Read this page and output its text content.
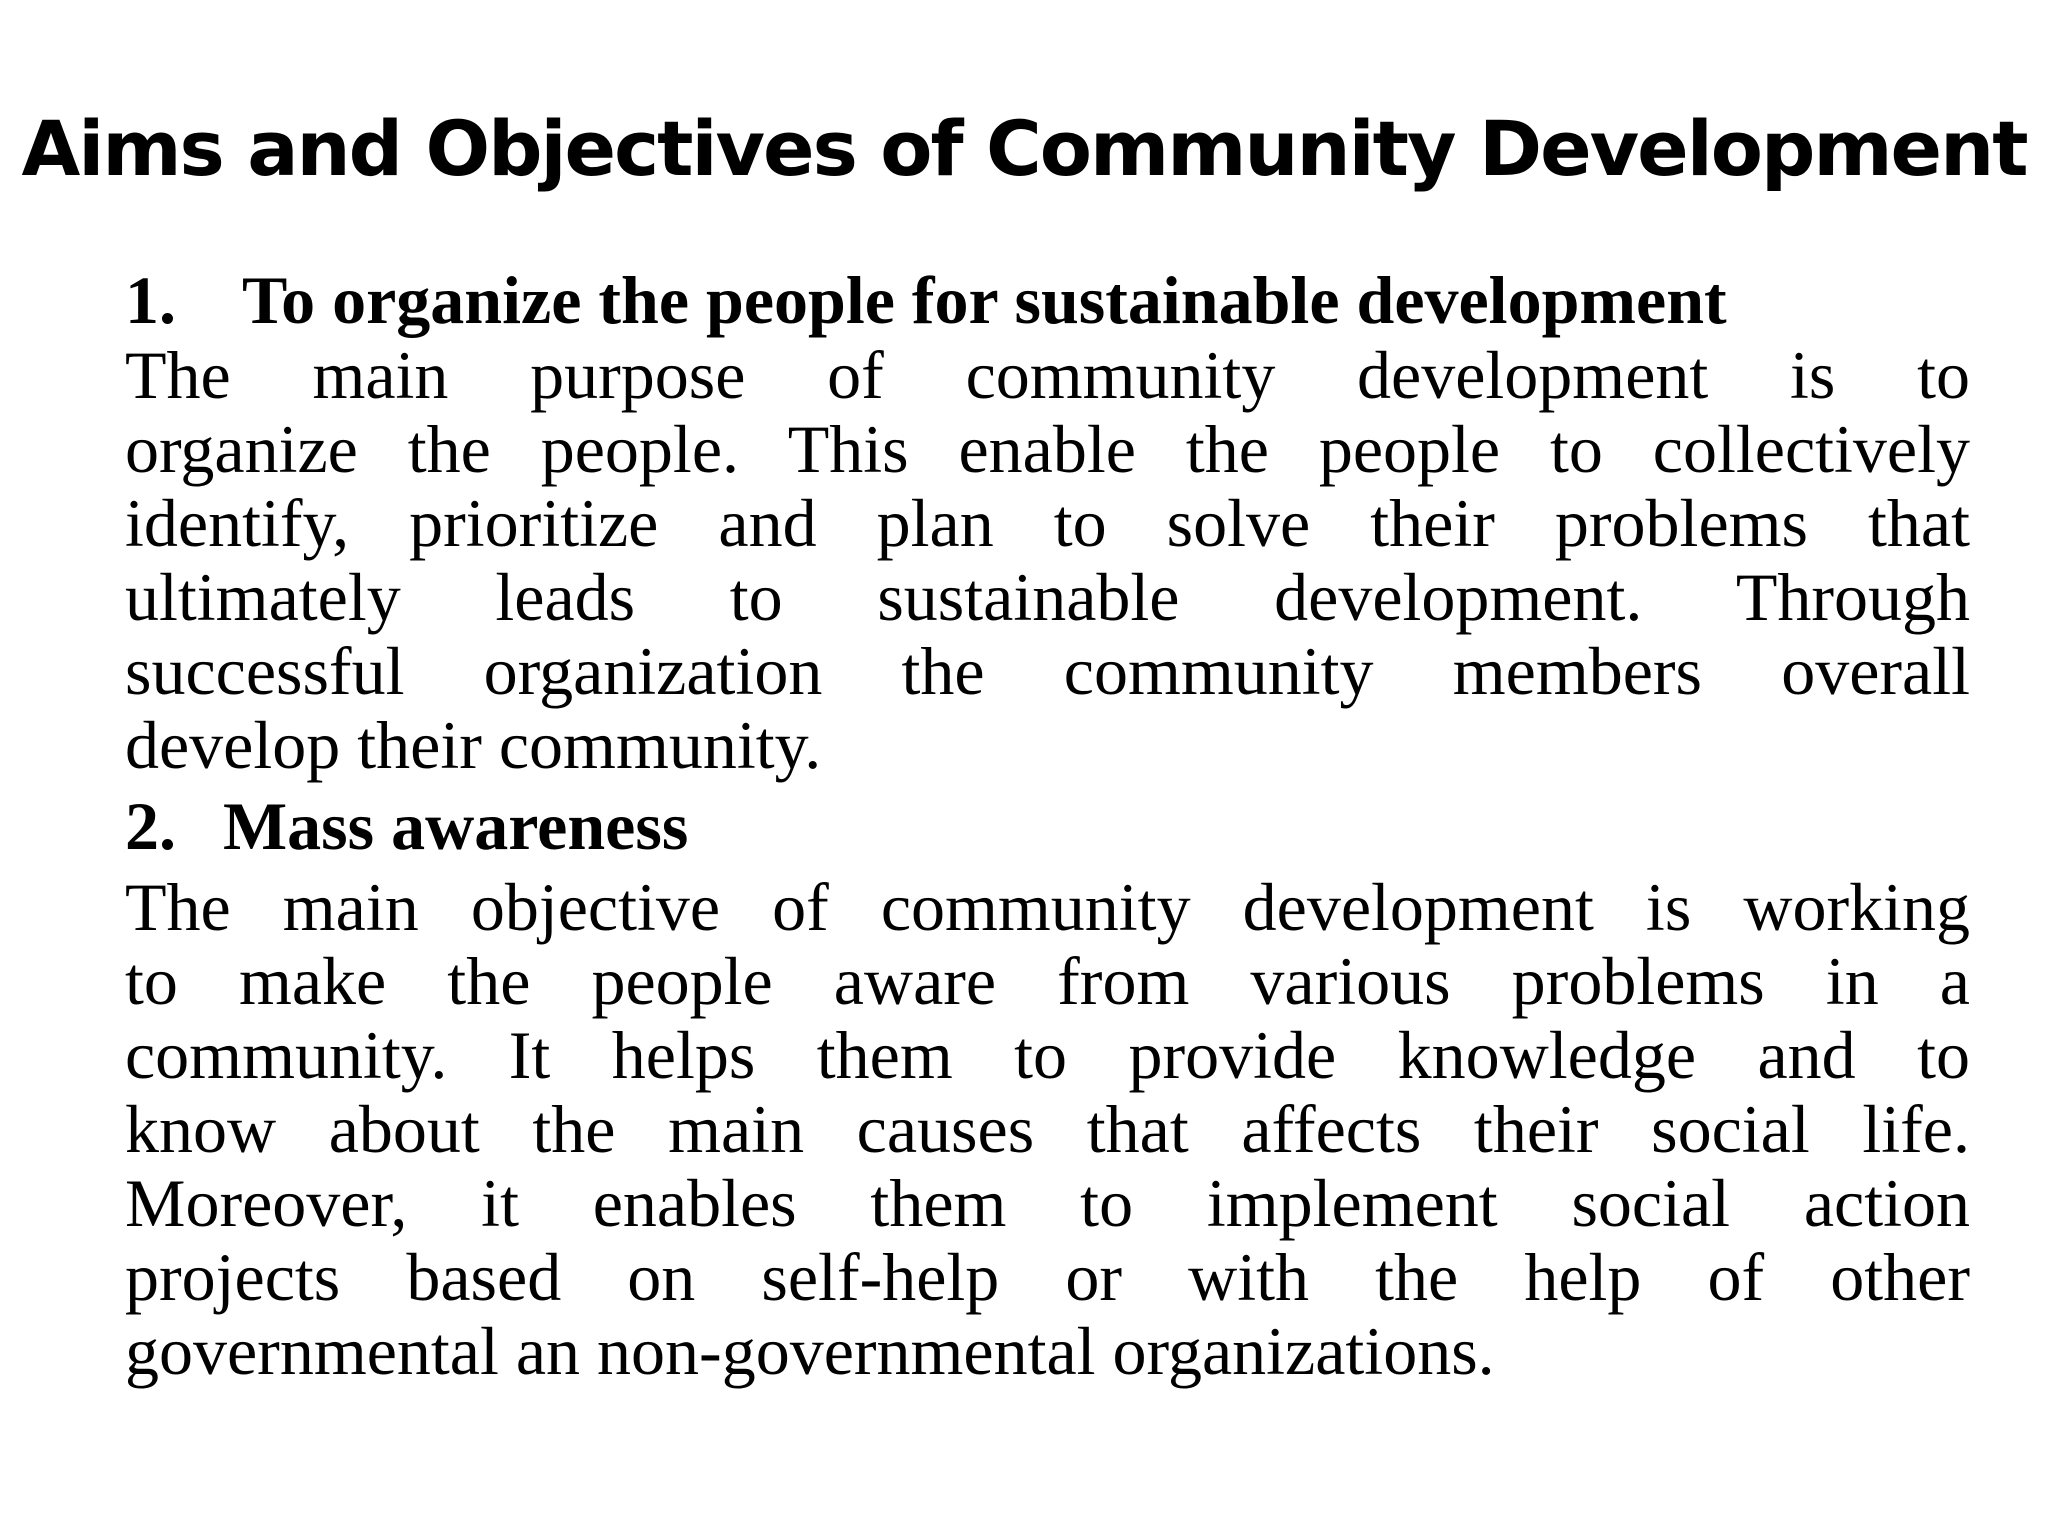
Aims and Objectives of Community Development
1. To organize the people for sustainable development
The main purpose of community development is to
organize the people. This enable the people to collectively
identify, prioritize and plan to solve their problems that
ultimately leads to sustainable development. Through
successful organization the community members overall
develop their community.
2. Mass awareness
The main objective of community development is working
to make the people aware from various problems in a
community. It helps them to provide knowledge and to
know about the main causes that affects their social life.
Moreover, it enables them to implement social action
projects based on self-help or with the help of other
governmental an non-governmental organizations.
